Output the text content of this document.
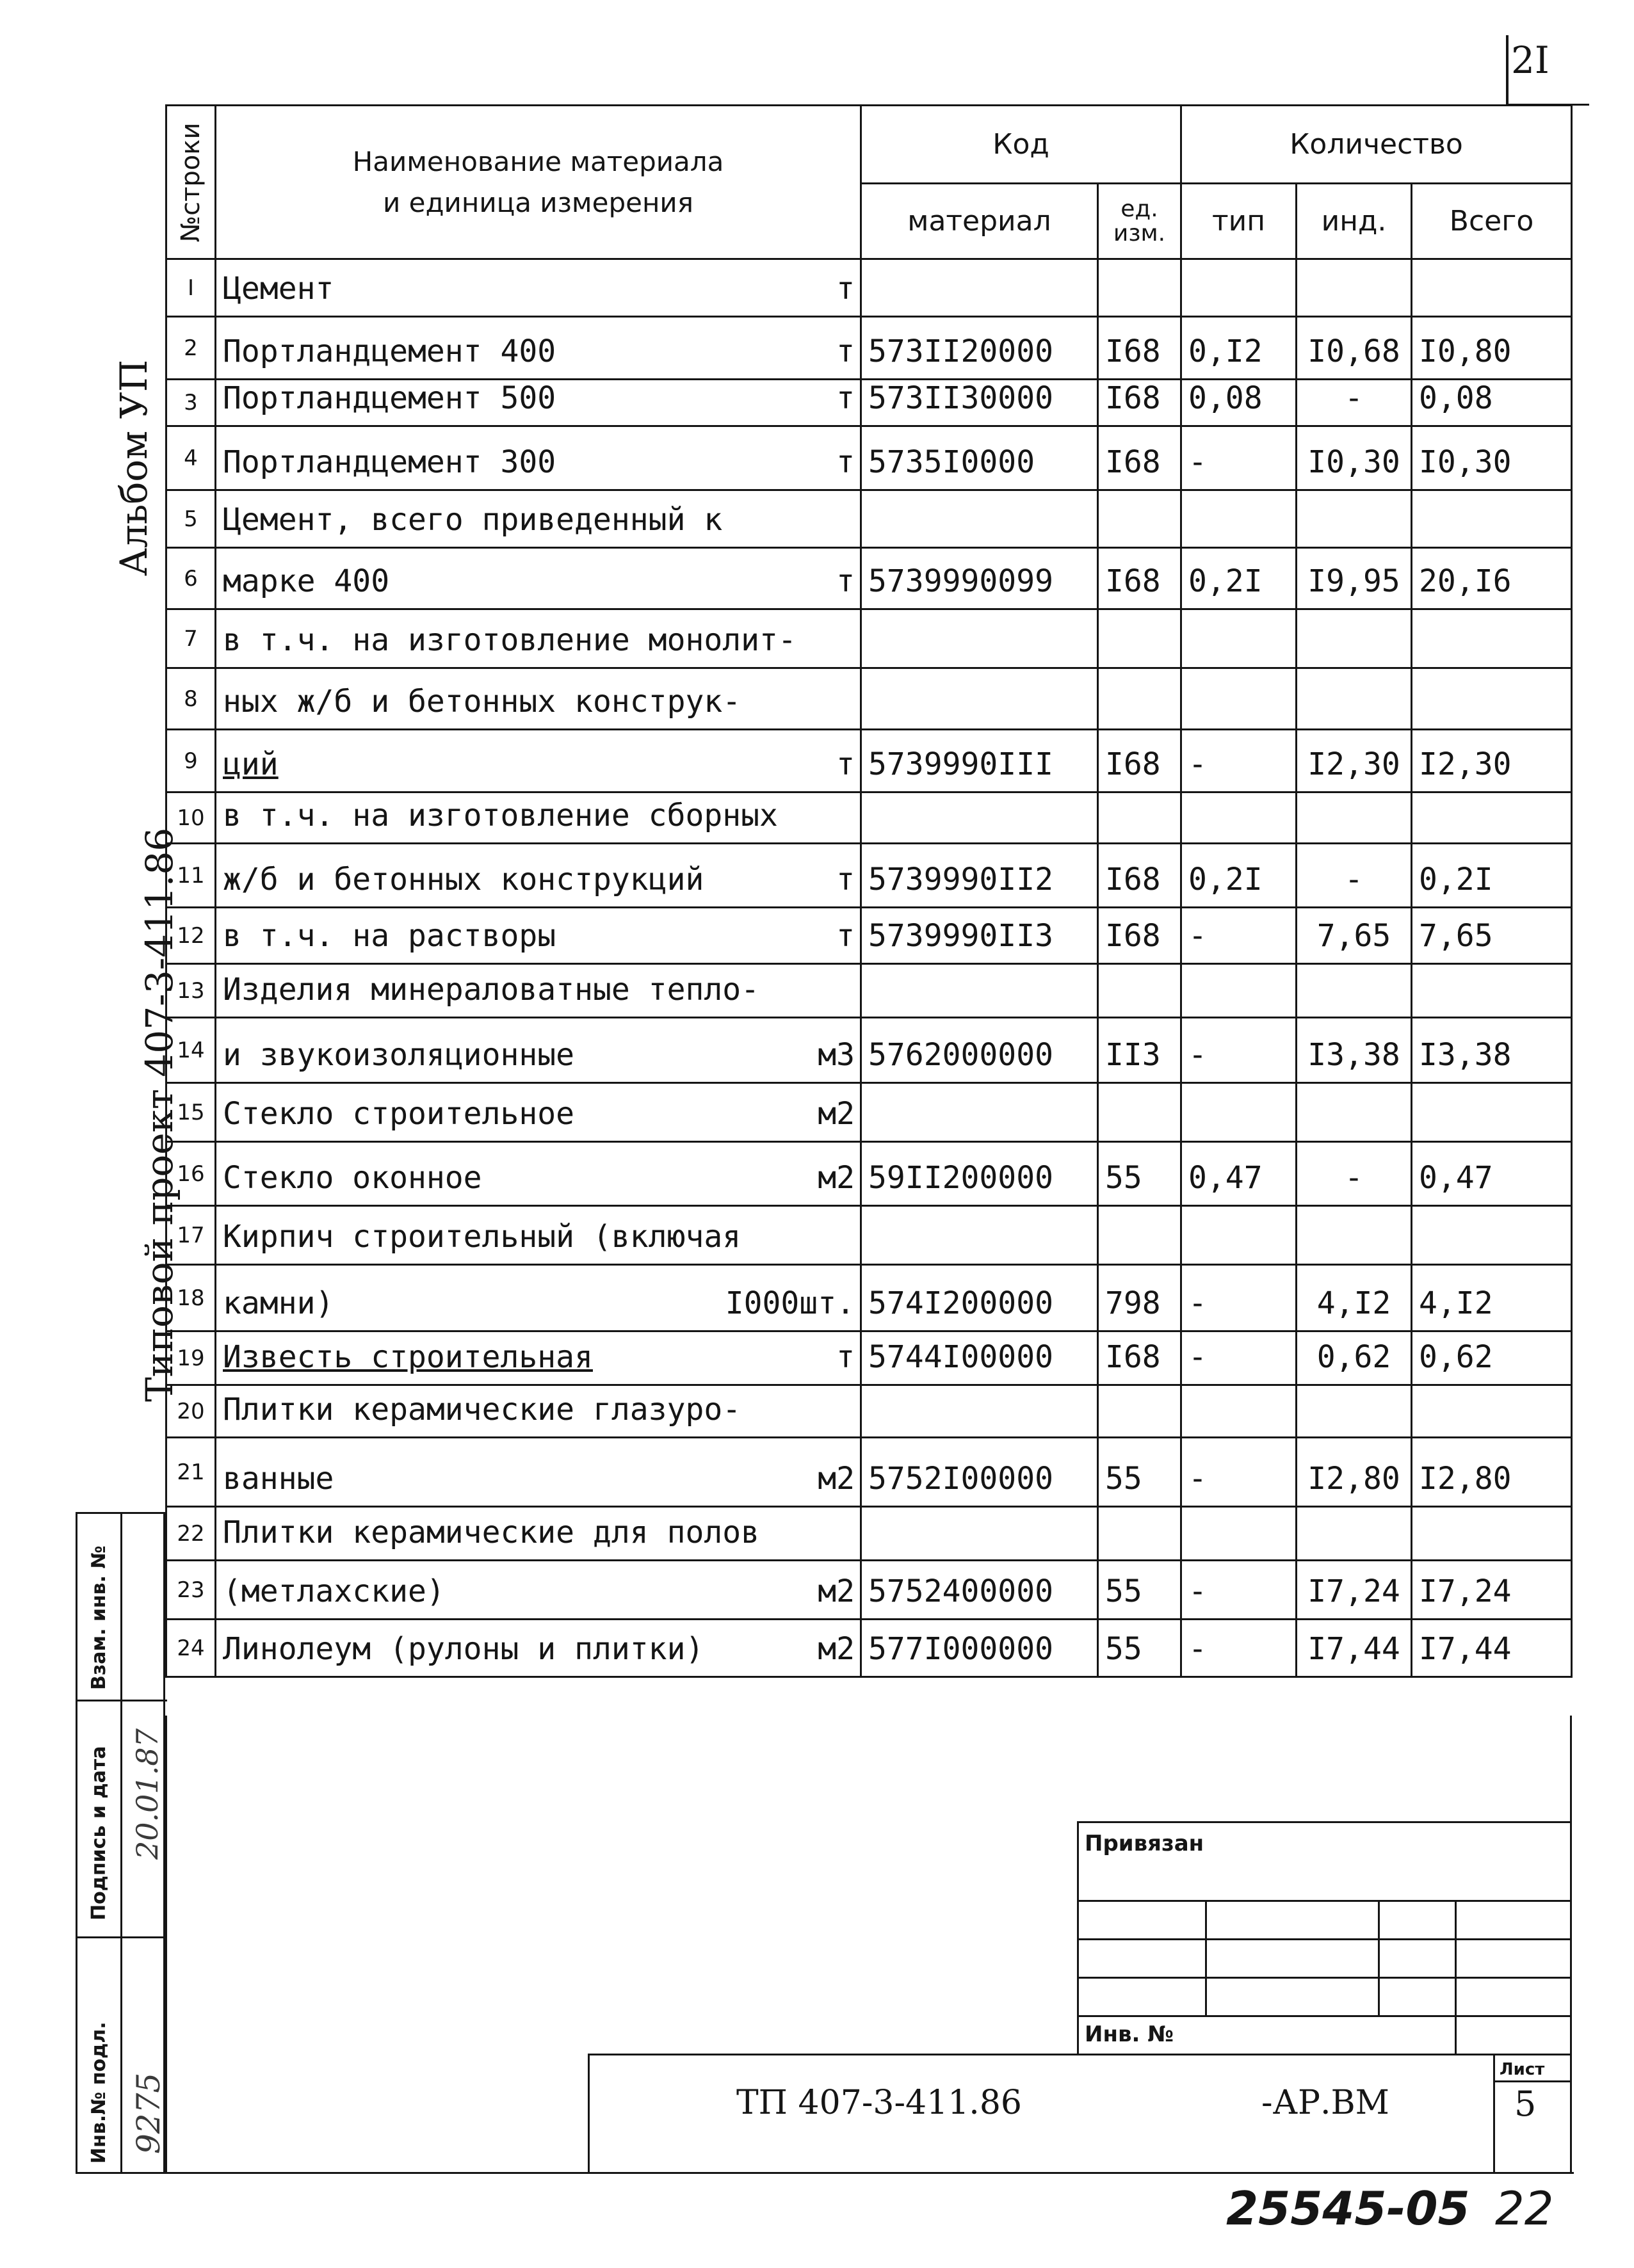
2I
Альбом УП
Типовой проект 407-3-411.86
№строки	Наименование материала
и единица измерения	Код		Количество		
		материал	ед. изм.	тип	инд.	Всего
I	Цемент т					

2	Портландцемент 400 т	573II20000	I68	0,I2	I0,68	I0,80
3	Портландцемент 500 т	573II30000	I68	0,08	-	0,08
4	Портландцемент 300 т	5735I0000	I68	-	I0,30	I0,30
5	Цемент, всего приведенный к					

6	марке 400 т	5739990099	I68	0,2I	I9,95	20,I6
7	в т.ч. на изготовление монолит-					

8	ных ж/б и бетонных конструк-					

9	ций т	5739990III	I68	-	I2,30	I2,30
10	в т.ч. на изготовление сборных					

11	ж/б и бетонных конструкций т	5739990II2	I68	0,2I	-	0,2I
12	в т.ч. на растворы т	5739990II3	I68	-	7,65	7,65
13	Изделия минераловатные тепло-					

14	и звукоизоляционные м3	5762000000	II3	-	I3,38	I3,38
15	Стекло строительное м2					

16	Стекло оконное м2	59II200000	55	0,47	-	0,47
17	Кирпич строительный (включая					

18	камни) I000шт.	574I200000	798	-	4,I2	4,I2
19	Известь строительная т	5744I00000	I68	-	0,62	0,62
20	Плитки керамические глазуро-					

21	ванные м2	5752I00000	55	-	I2,80	I2,80
22	Плитки керамические для полов					

23	(метлахские) м2	5752400000	55	-	I7,24	I7,24
24	Линолеум (рулоны и плитки) м2	577I000000	55	-	I7,44	I7,44
Взам. инв. №
Подпись и дата
Инв.№ подл.
20.01.87
9275
Привязан
Инв. №
ТП 407-3-411.86	-АР.ВМ
Лист
5
25545-05 22
